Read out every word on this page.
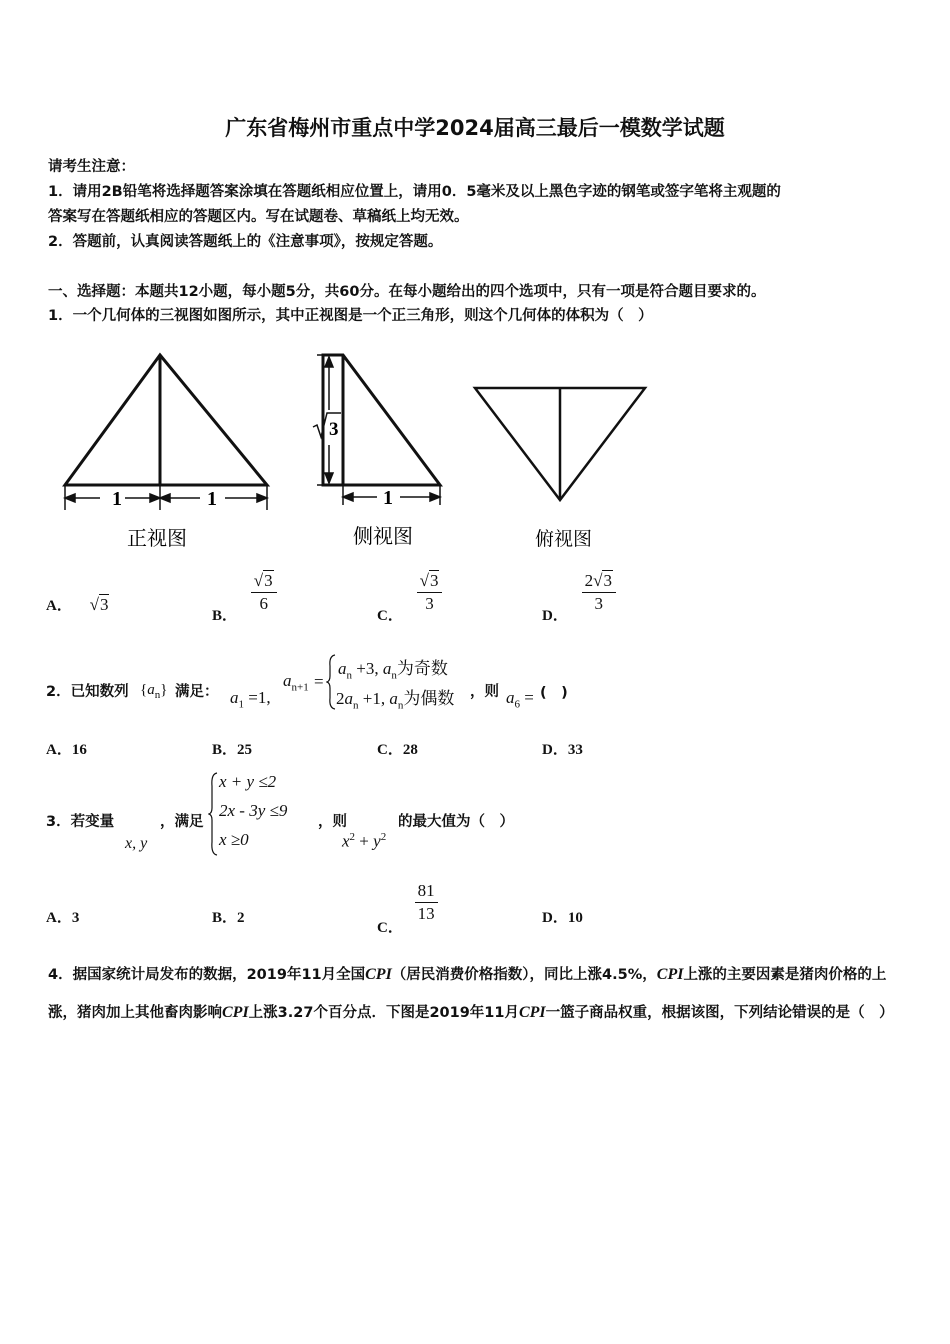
广东省梅州市重点中学2024届高三最后一模数学试题
请考生注意：
1．请用2B铅笔将选择题答案涂填在答题纸相应位置上，请用0．5毫米及以上黑色字迹的钢笔或签字笔将主观题的
答案写在答题纸相应的答题区内。写在试题卷、草稿纸上均无效。
2．答题前，认真阅读答题纸上的《注意事项》，按规定答题。
一、选择题：本题共12小题，每小题5分，共60分。在每小题给出的四个选项中，只有一项是符合题目要求的。
1．一个几何体的三视图如图所示，其中正视图是一个正三角形，则这个几何体的体积为（　）
1	1
3
1
正视图	侧视图	俯视图
A． √3
B．
$\frac{√3}{6}$
C．
$\frac{√3}{3}$
D．
$\frac{2√3}{3}$
2．已知数列 $\{a_n\}$ 满足： $a_1 =1$,
$a_{n+1}$ =
$a_n +3$, $a_n$为奇数
$2a_n +1$, $a_n$为偶数 ，则 $a_6$ = (　)
A．16	B．25	C．28	D．33
3．若变量
x, y
，满足
x + y ≤2
2x - 3y ≤9
x ≥0
，则
$x^2 + y^2$
的最大值为（　）
A．3	B．2
C．
$\frac{81}{13}$	D．10
4．据国家统计局发布的数据，2019年11月全国CPI（居民消费价格指数），同比上涨4.5%，CPI上涨的主要因素是猪肉价格的上涨，猪肉加上其他畜肉影响CPI上涨3.27个百分点．下图是2019年11月CPI一篮子商品权重，根据该图，下列结论错误的是（　）
